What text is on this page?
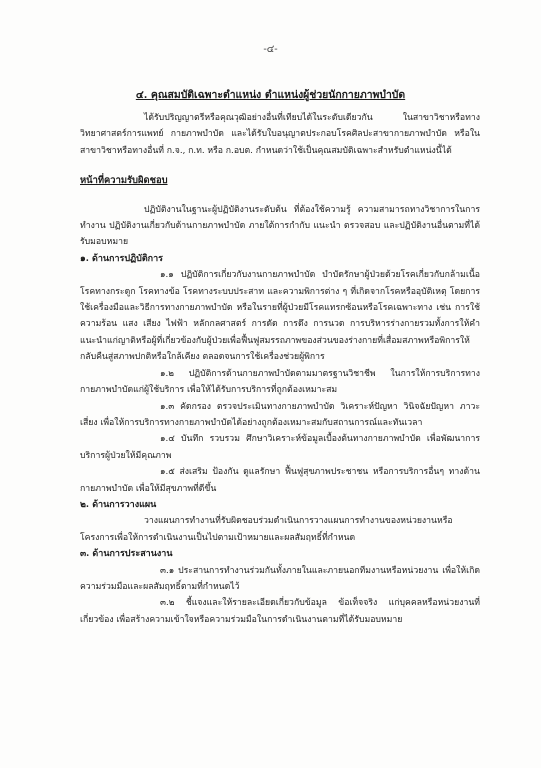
-๔-
๔. คุณสมบัติเฉพาะตำแหน่ง ตำแหน่งผู้ช่วยนักกายภาพบำบัด

ได้รับปริญญาตรีหรือคุณวุฒิอย่างอื่นที่เทียบได้ในระดับเดียวกัน ในสาขาวิชาหรือทางวิทยาศาสตร์การแพทย์ กายภาพบำบัด และได้รับใบอนุญาตประกอบโรคศิลปะสาขากายภาพบำบัด หรือในสาขาวิชาหรือทางอื่นที่ ก.จ., ก.ท. หรือ ก.อบต. กำหนดว่าใช้เป็นคุณสมบัติเฉพาะสำหรับตำแหน่งนี้ได้

หน้าที่ความรับผิดชอบ

ปฏิบัติงานในฐานะผู้ปฏิบัติงานระดับต้น ที่ต้องใช้ความรู้ ความสามารถทางวิชาการในการทำงาน ปฏิบัติงานเกี่ยวกับด้านกายภาพบำบัด ภายใต้การกำกับ แนะนำ ตรวจสอบ และปฏิบัติงานอื่นตามที่ได้รับมอบหมาย

๑. ด้านการปฏิบัติการ

๑.๑ ปฏิบัติการเกี่ยวกับงานกายภาพบำบัด บำบัดรักษาผู้ป่วยด้วยโรคเกี่ยวกับกล้ามเนื้อ โรคทางกระดูก โรคทางข้อ โรคทางระบบประสาท และความพิการต่าง ๆ ที่เกิดจากโรคหรืออุบัติเหตุ โดยการใช้เครื่องมือและวิธีการทางกายภาพบำบัด หรือในรายที่ผู้ป่วยมีโรคแทรกซ้อนหรือโรคเฉพาะทาง เช่น การใช้ความร้อน แสง เสียง ไฟฟ้า หลักกลศาสตร์ การดัด การดึง การนวด การบริหารร่างกายรวมทั้งการให้คำแนะนำแก่ญาติหรือผู้ที่เกี่ยวข้องกับผู้ป่วยเพื่อฟื้นฟูสมรรถภาพของส่วนของร่างกายที่เสื่อมสภาพหรือพิการให้กลับคืนสู่สภาพปกติหรือใกล้เคียง ตลอดจนการใช้เครื่องช่วยผู้พิการ

๑.๒ ปฏิบัติการด้านกายภาพบำบัดตามมาตรฐานวิชาชีพ ในการให้การบริการทางกายภาพบำบัดแก่ผู้ใช้บริการ เพื่อให้ได้รับการบริการที่ถูกต้องเหมาะสม

๑.๓ คัดกรอง ตรวจประเมินทางกายภาพบำบัด วิเคราะห์ปัญหา วินิจฉัยปัญหา ภาวะเสี่ยง เพื่อให้การบริการทางกายภาพบำบัดได้อย่างถูกต้องเหมาะสมกับสถานการณ์และทันเวลา

๑.๔ บันทึก รวบรวม ศึกษาวิเคราะห์ข้อมูลเบื้องต้นทางกายภาพบำบัด เพื่อพัฒนาการบริการผู้ป่วยให้มีคุณภาพ

๑.๕ ส่งเสริม ป้องกัน ดูแลรักษา ฟื้นฟูสุขภาพประชาชน หรือการบริการอื่นๆ ทางด้านกายภาพบำบัด เพื่อให้มีสุขภาพที่ดีขึ้น

๒. ด้านการวางแผน

วางแผนการทำงานที่รับผิดชอบร่วมดำเนินการวางแผนการทำงานของหน่วยงานหรือโครงการเพื่อให้การดำเนินงานเป็นไปตามเป้าหมายและผลสัมฤทธิ์ที่กำหนด

๓. ด้านการประสานงาน

๓.๑ ประสานการทำงานร่วมกันทั้งภายในและภายนอกทีมงานหรือหน่วยงาน เพื่อให้เกิดความร่วมมือและผลสัมฤทธิ์ตามที่กำหนดไว้

๓.๒ ชี้แจงและให้รายละเอียดเกี่ยวกับข้อมูล ข้อเท็จจริง แก่บุคคลหรือหน่วยงานที่เกี่ยวข้อง เพื่อสร้างความเข้าใจหรือความร่วมมือในการดำเนินงานตามที่ได้รับมอบหมาย
